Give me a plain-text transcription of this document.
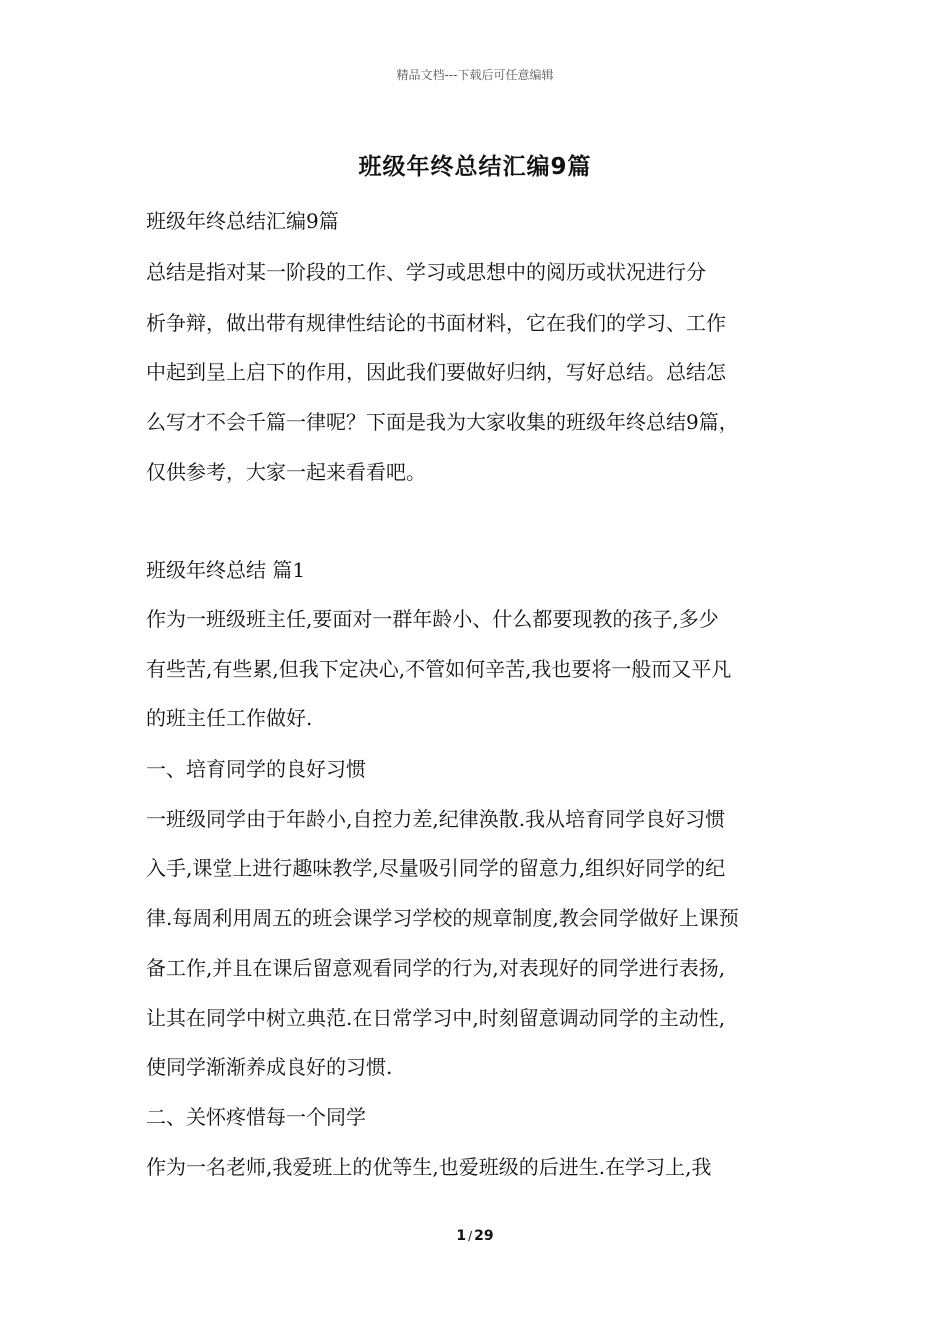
精品文档---下载后可任意编辑
班级年终总结汇编9篇
班级年终总结汇编9篇
总结是指对某一阶段的工作、学习或思想中的阅历或状况进行分
析争辩，做出带有规律性结论的书面材料，它在我们的学习、工作
中起到呈上启下的作用，因此我们要做好归纳，写好总结。总结怎
么写才不会千篇一律呢？下面是我为大家收集的班级年终总结9篇，
仅供参考，大家一起来看看吧。
班级年终总结 篇1
作为一班级班主任,要面对一群年龄小、什么都要现教的孩子,多少
有些苦,有些累,但我下定决心,不管如何辛苦,我也要将一般而又平凡
的班主任工作做好.
一、培育同学的良好习惯
一班级同学由于年龄小,自控力差,纪律涣散.我从培育同学良好习惯
入手,课堂上进行趣味教学,尽量吸引同学的留意力,组织好同学的纪
律.每周利用周五的班会课学习学校的规章制度,教会同学做好上课预
备工作,并且在课后留意观看同学的行为,对表现好的同学进行表扬,
让其在同学中树立典范.在日常学习中,时刻留意调动同学的主动性,
使同学渐渐养成良好的习惯.
二、关怀疼惜每一个同学
作为一名老师,我爱班上的优等生,也爱班级的后进生.在学习上,我
1 / 29
